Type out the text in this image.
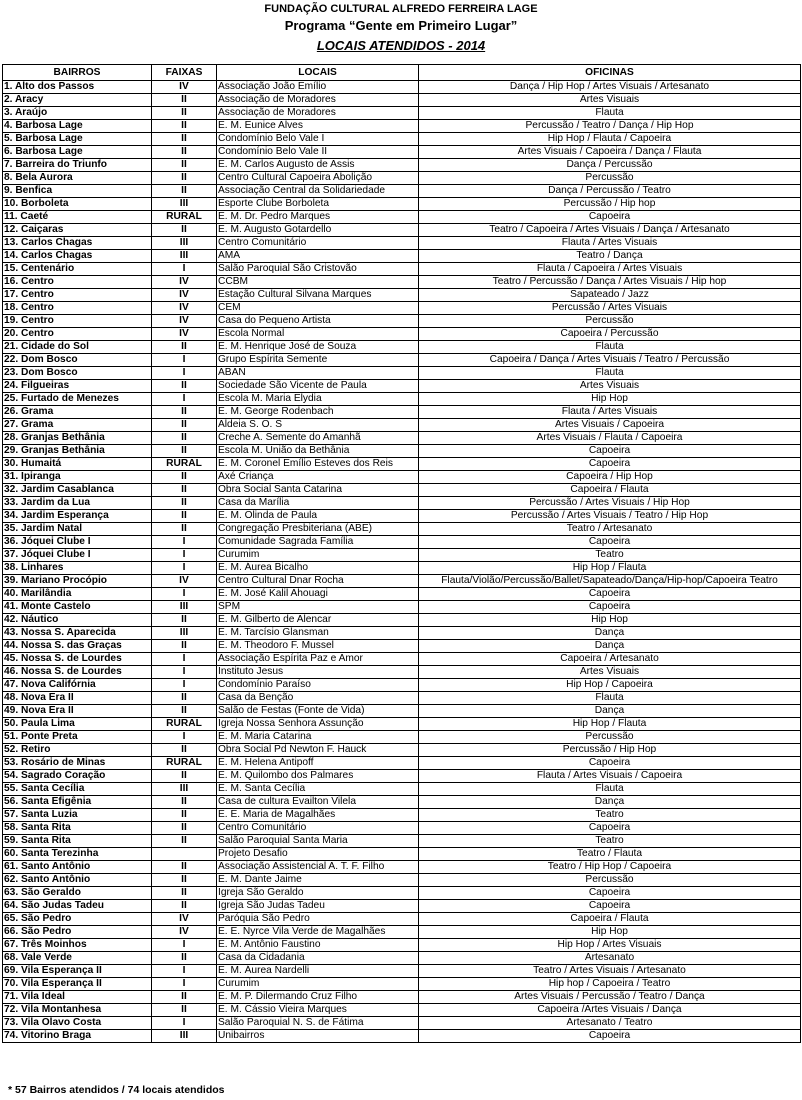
FUNDAÇÃO CULTURAL ALFREDO FERREIRA LAGE
Programa “Gente em Primeiro Lugar”
LOCAIS ATENDIDOS - 2014
BAIRROS	FAIXAS	LOCAIS	OFICINAS
1. Alto dos Passos	IV	Associação João Emílio	Dança / Hip Hop / Artes Visuais / Artesanato
2. Aracy	II	Associação de Moradores	Artes Visuais
3. Araújo	II	Associação de Moradores	Flauta
4. Barbosa Lage	II	E. M. Eunice Alves	Percussão / Teatro / Dança / Hip Hop
5. Barbosa Lage	II	Condomínio Belo Vale I	Hip Hop / Flauta / Capoeira
6. Barbosa Lage	II	Condomínio Belo Vale II	Artes Visuais / Capoeira / Dança / Flauta
7. Barreira do Triunfo	II	E. M. Carlos Augusto de Assis	Dança / Percussão
8. Bela Aurora	II	Centro Cultural Capoeira Abolição	Percussão
9. Benfica	II	Associação Central da Solidariedade	Dança / Percussão / Teatro
10. Borboleta	III	Esporte Clube Borboleta	Percussão / Hip hop
11. Caeté	RURAL	E. M. Dr. Pedro Marques	Capoeira
12. Caiçaras	II	E. M. Augusto Gotardello	Teatro / Capoeira / Artes Visuais / Dança / Artesanato
13. Carlos Chagas	III	Centro Comunitário	Flauta / Artes Visuais
14. Carlos Chagas	III	AMA	Teatro / Dança
15. Centenário	I	Salão Paroquial São Cristovão	Flauta / Capoeira / Artes Visuais
16. Centro	IV	CCBM	Teatro / Percussão / Dança / Artes Visuais / Hip hop
17. Centro	IV	Estação Cultural Silvana Marques	Sapateado / Jazz
18. Centro	IV	CEM	Percussão / Artes Visuais
19. Centro	IV	Casa do Pequeno Artista	Percussão
20. Centro	IV	Escola Normal	Capoeira / Percussão
21. Cidade do Sol	II	E. M. Henrique José de Souza	Flauta
22. Dom Bosco	I	Grupo Espírita Semente	Capoeira / Dança / Artes Visuais / Teatro / Percussão
23. Dom Bosco	I	ABAN	Flauta
24. Filgueiras	II	Sociedade São Vicente de Paula	Artes Visuais
25. Furtado de Menezes	I	Escola M. Maria Elydia	Hip Hop
26. Grama	II	E. M. George Rodenbach	Flauta / Artes Visuais
27. Grama	II	Aldeia S. O. S	Artes Visuais / Capoeira
28. Granjas Bethânia	II	Creche A. Semente do Amanhã	Artes Visuais / Flauta / Capoeira
29. Granjas Bethânia	II	Escola M. União da Bethânia	Capoeira
30. Humaitá	RURAL	E. M. Coronel Emílio Esteves dos Reis	Capoeira
31. Ipiranga	II	Axé Criança	Capoeira / Hip Hop
32. Jardim Casablanca	II	Obra Social Santa Catarina	Capoeira / Flauta
33. Jardim da Lua	II	Casa da Marília	Percussão / Artes Visuais / Hip Hop
34. Jardim Esperança	II	E. M. Olinda de Paula	Percussão / Artes Visuais / Teatro / Hip Hop
35. Jardim Natal	II	Congregação Presbiteriana (ABE)	Teatro / Artesanato
36. Jóquei Clube I	I	Comunidade Sagrada Família	Capoeira
37. Jóquei Clube I	I	Curumim	Teatro
38. Linhares	I	E. M. Áurea Bicalho	Hip Hop / Flauta
39. Mariano Procópio	IV	Centro Cultural Dnar Rocha	Flauta/Violão/Percussão/Ballet/Sapateado/Dança/Hip-hop/Capoeira Teatro
40. Marilândia	I	E. M. José Kalil Ahouagi	Capoeira
41. Monte Castelo	III	SPM	Capoeira
42. Náutico	II	E. M. Gilberto de Alencar	Hip Hop
43. Nossa S. Aparecida	III	E. M. Tarcísio Glansman	Dança
44. Nossa S. das Graças	II	E. M. Theodoro F. Mussel	Dança
45. Nossa S. de Lourdes	I	Associação Espírita Paz e Amor	Capoeira / Artesanato
46. Nossa S. de Lourdes	I	Instituto Jesus	Artes Visuais
47. Nova Califórnia	I	Condomínio Paraíso	Hip Hop / Capoeira
48. Nova Era II	II	Casa da Benção	Flauta
49. Nova Era II	II	Salão de Festas (Fonte de Vida)	Dança
50. Paula Lima	RURAL	Igreja Nossa Senhora Assunção	Hip Hop / Flauta
51. Ponte Preta	I	E. M. Maria Catarina	Percussão
52. Retiro	II	Obra Social Pd Newton F. Hauck	Percussão / Hip Hop
53. Rosário de Minas	RURAL	E. M. Helena Antipoff	Capoeira
54. Sagrado Coração	II	E. M. Quilombo dos Palmares	Flauta / Artes Visuais / Capoeira
55. Santa Cecília	III	E. M. Santa Cecília	Flauta
56. Santa Efigênia	II	Casa de cultura Evailton Vilela	Dança
57. Santa Luzia	II	E. E. Maria de Magalhães	Teatro
58. Santa Rita	II	Centro Comunitário	Capoeira
59. Santa Rita	II	Salão Paroquial Santa Maria	Teatro
60. Santa Terezinha		Projeto Desafio	Teatro / Flauta
61. Santo Antônio	II	Associação Assistencial A. T. F. Filho	Teatro / Hip Hop / Capoeira
62. Santo Antônio	II	E. M. Dante Jaime	Percussão
63. São Geraldo	II	Igreja São Geraldo	Capoeira
64. São Judas Tadeu	II	Igreja São Judas Tadeu	Capoeira
65. São Pedro	IV	Paróquia São Pedro	Capoeira / Flauta
66. São Pedro	IV	E. E. Nyrce Vila Verde de Magalhães	Hip Hop
67. Três Moinhos	I	E. M. Antônio Faustino	Hip Hop / Artes Visuais
68. Vale Verde	II	Casa da Cidadania	Artesanato
69. Vila Esperança II	I	E. M. Áurea Nardelli	Teatro / Artes Visuais / Artesanato
70. Vila Esperança II	I	Curumim	Hip hop / Capoeira / Teatro
71. Vila Ideal	II	E. M. P. Dilermando Cruz Filho	Artes Visuais / Percussão / Teatro / Dança
72. Vila Montanhesa	II	E. M. Cássio Vieira Marques	Capoeira /Artes Visuais / Dança
73. Vila Olavo Costa	I	Salão Paroquial N. S. de Fátima	Artesanato / Teatro
74. Vitorino Braga	III	Unibairros	Capoeira
* 57 Bairros atendidos / 74 locais atendidos
